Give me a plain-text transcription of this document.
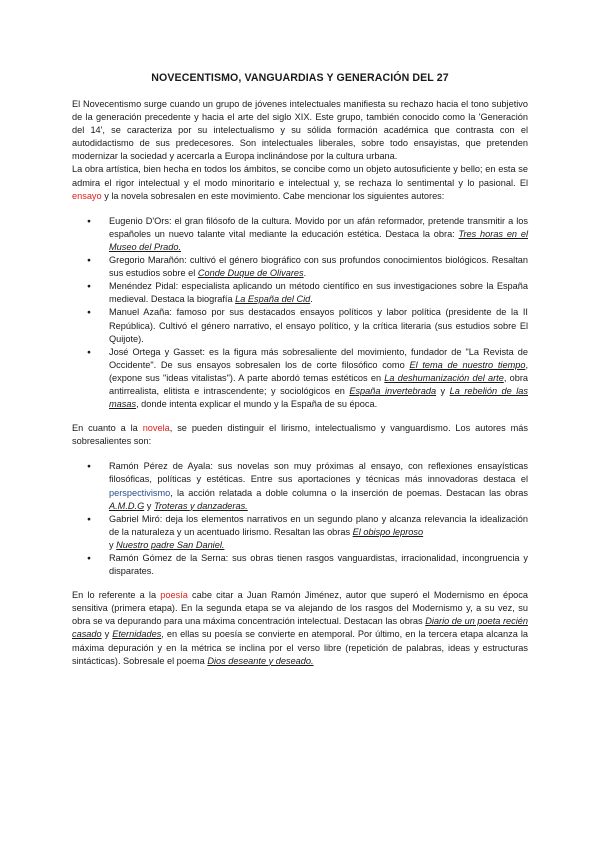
NOVECENTISMO, VANGUARDIAS Y GENERACIÓN DEL 27

El Novecentismo surge cuando un grupo de jóvenes intelectuales manifiesta su rechazo hacia el tono subjetivo de la generación precedente y hacia el arte del siglo XIX. Este grupo, también conocido como la 'Generación del 14', se caracteriza por su intelectualismo y su sólida formación académica que contrasta con el autodidactismo de sus predecesores. Son intelectuales liberales, sobre todo ensayistas, que pretenden modernizar la sociedad y acercarla a Europa inclinándose por la cultura urbana.

La obra artística, bien hecha en todos los ámbitos, se concibe como un objeto autosuficiente y bello; en esta se admira el rigor intelectual y el modo minoritario e intelectual y, se rechaza lo sentimental y lo pasional. El ensayo y la novela sobresalen en este movimiento. Cabe mencionar los siguientes autores:

● Eugenio D'Ors: el gran filósofo de la cultura. Movido por un afán reformador, pretende transmitir a los españoles un nuevo talante vital mediante la educación estética. Destaca la obra: Tres horas en el Museo del Prado.
● Gregorio Marañón: cultivó el género biográfico con sus profundos conocimientos biológicos. Resaltan sus estudios sobre el Conde Duque de Olivares.
● Menéndez Pidal: especialista aplicando un método científico en sus investigaciones sobre la España medieval. Destaca la biografía La España del Cid.
● Manuel Azaña: famoso por sus destacados ensayos políticos y labor política (presidente de la II República). Cultivó el género narrativo, el ensayo político, y la crítica literaria (sus estudios sobre El Quijote).
● José Ortega y Gasset: es la figura más sobresaliente del movimiento, fundador de "La Revista de Occidente". De sus ensayos sobresalen los de corte filosófico como El tema de nuestro tiempo, (expone sus "ideas vitalistas"). A parte abordó temas estéticos en La deshumanización del arte, obra antirrealista, elitista e intrascendente; y sociológicos en España invertebrada y La rebelión de las masas, donde intenta explicar el mundo y la España de su época.

En cuanto a la novela, se pueden distinguir el lirismo, intelectualismo y vanguardismo. Los autores más sobresalientes son:

● Ramón Pérez de Ayala: sus novelas son muy próximas al ensayo, con reflexiones ensayísticas filosóficas, políticas y estéticas. Entre sus aportaciones y técnicas más innovadoras destaca el perspectivismo, la acción relatada a doble columna o la inserción de poemas. Destacan las obras A.M.D.G y Troteras y danzaderas.
● Gabriel Miró: deja los elementos narrativos en un segundo plano y alcanza relevancia la idealización de la naturaleza y un acentuado lirismo. Resaltan las obras El obispo leproso
y Nuestro padre San Daniel.
● Ramón Gómez de la Serna: sus obras tienen rasgos vanguardistas, irracionalidad, incongruencia y disparates.

En lo referente a la poesía cabe citar a Juan Ramón Jiménez, autor que superó el Modernismo en época sensitiva (primera etapa). En la segunda etapa se va alejando de los rasgos del Modernismo y, a su vez, su obra se va depurando para una máxima concentración intelectual. Destacan las obras Diario de un poeta recién casado y Eternidades, en ellas su poesía se convierte en atemporal. Por último, en la tercera etapa alcanza la máxima depuración y en la métrica se inclina por el verso libre (repetición de palabras, ideas y estructuras sintácticas). Sobresale el poema Dios deseante y deseado.
